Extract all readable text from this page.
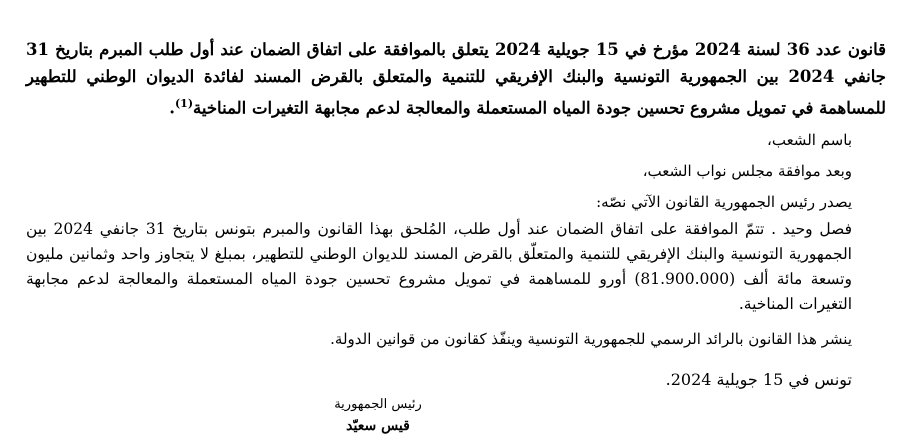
قانون عدد 36 لسنة 2024 مؤرخ في 15 جويلية 2024 يتعلق بالموافقة على اتفاق الضمان عند أول طلب المبرم بتاريخ 31 جانفي 2024 بين الجمهورية التونسية والبنك الإفريقي للتنمية والمتعلق بالقرض المسند لفائدة الديوان الوطني للتطهير للمساهمة في تمويل مشروع تحسين جودة المياه المستعملة والمعالجة لدعم مجابهة التغيرات المناخية$^{(1)}$.

باسم الشعب،

وبعد موافقة مجلس نواب الشعب،

يصدر رئيس الجمهورية القانون الآتي نصّه:

فصل وحيد . تتمّ الموافقة على اتفاق الضمان عند أول طلب، المُلحق بهذا القانون والمبرم بتونس بتاريخ 31 جانفي 2024 بين الجمهورية التونسية والبنك الإفريقي للتنمية والمتعلّق بالقرض المسند للديوان الوطني للتطهير، بمبلغ لا يتجاوز واحد وثمانين مليون وتسعة مائة ألف (81.900.000) أورو للمساهمة في تمويل مشروع تحسين جودة المياه المستعملة والمعالجة لدعم مجابهة التغيرات المناخية.

ينشر هذا القانون بالرائد الرسمي للجمهورية التونسية وينفّذ كقانون من قوانين الدولة.

تونس في 15 جويلية 2024.

رئيس الجمهورية
قيس سعيّد
